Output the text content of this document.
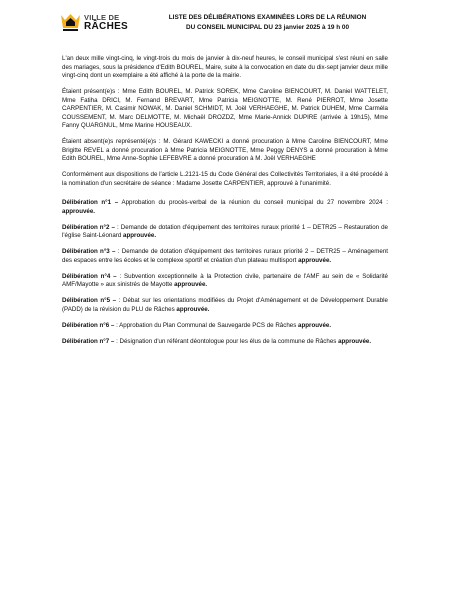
VILLE DE
RÂCHES
LISTE DES DÉLIBÉRATIONS EXAMINÉES LORS DE LA RÉUNION
DU CONSEIL MUNICIPAL DU 23 janvier 2025 à 19 h 00

L'an deux mille vingt-cinq, le vingt-trois du mois de janvier à dix-neuf heures, le conseil municipal s'est réuni en salle des mariages, sous la présidence d'Edith BOUREL, Maire, suite à la convocation en date du dix-sept janvier deux mille vingt-cinq dont un exemplaire a été affiché à la porte de la mairie.

Étaient présent(e)s : Mme Edith BOUREL, M. Patrick SOREK, Mme Caroline BIENCOURT, M. Daniel WATTELET, Mme Fatiha DRICI, M. Fernand BREVART, Mme Patricia MEIGNOTTE, M. René PIERROT, Mme Josette CARPENTIER, M. Casimir NOWAK, M. Daniel SCHMIDT, M. Joël VERHAEGHE, M. Patrick DUHEM, Mme Carméla COUSSEMENT, M. Marc DELMOTTE, M. Michaël DROZDZ, Mme Marie-Annick DUPIRE (arrivée à 19h15), Mme Fanny QUARGNUL, Mme Marine HOUSEAUX.

Étaient absent(e)s représenté(e)s : M. Gérard KAWECKI a donné procuration à Mme Caroline BIENCOURT, Mme Brigitte REVEL a donné procuration à Mme Patricia MEIGNOTTE, Mme Peggy DENYS a donné procuration à Mme Edith BOUREL, Mme Anne-Sophie LEFEBVRE a donné procuration à M. Joël VERHAEGHE

Conformément aux dispositions de l'article L.2121-15 du Code Général des Collectivités Territoriales, il a été procédé à la nomination d'un secrétaire de séance : Madame Josette CARPENTIER, approuvé à l'unanimité.

Délibération n°1 – Approbation du procès-verbal de la réunion du conseil municipal du 27 novembre 2024 : approuvée.

Délibération n°2 – : Demande de dotation d'équipement des territoires ruraux priorité 1 – DETR25 – Restauration de l'église Saint-Léonard approuvée.

Délibération n°3 – : Demande de dotation d'équipement des territoires ruraux priorité 2 – DETR25 – Aménagement des espaces entre les écoles et le complexe sportif et création d'un plateau multisport approuvée.

Délibération n°4 – : Subvention exceptionnelle à la Protection civile, partenaire de l'AMF au sein de « Solidarité AMF/Mayotte » aux sinistrés de Mayotte approuvée.

Délibération n°5 – : Débat sur les orientations modifiées du Projet d'Aménagement et de Développement Durable (PADD) de la révision du PLU de Râches approuvée.

Délibération n°6 – : Approbation du Plan Communal de Sauvegarde PCS de Râches approuvée.

Délibération n°7 – : Désignation d'un référant déontologue pour les élus de la commune de Râches approuvée.
